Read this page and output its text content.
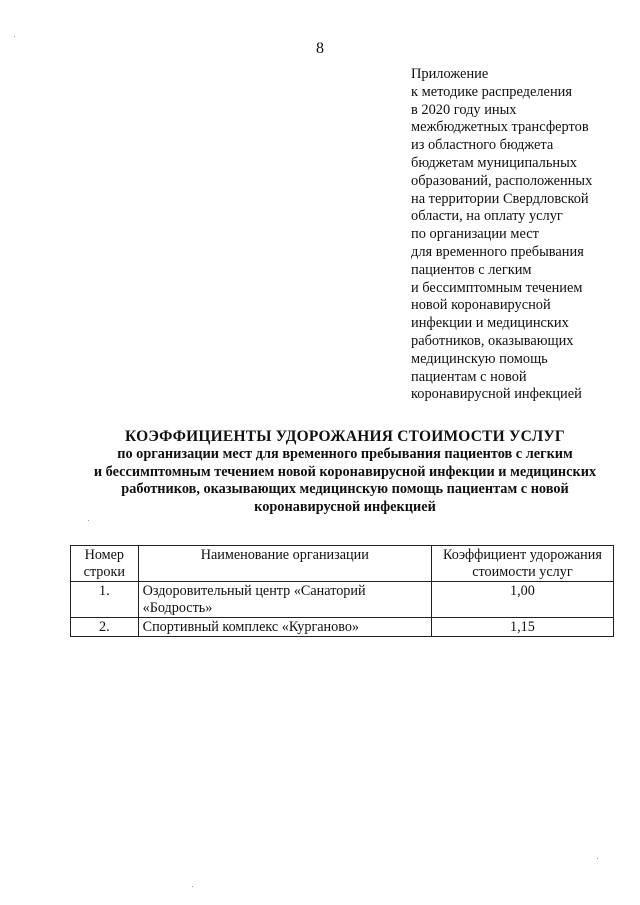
8
Приложение
к методике распределения
в 2020 году иных
межбюджетных трансфертов
из областного бюджета
бюджетам муниципальных
образований, расположенных
на территории Свердловской
области, на оплату услуг
по организации мест
для временного пребывания
пациентов с легким
и бессимптомным течением
новой коронавирусной
инфекции и медицинских
работников, оказывающих
медицинскую помощь
пациентам с новой
коронавирусной инфекцией
КОЭФФИЦИЕНТЫ УДОРОЖАНИЯ СТОИМОСТИ УСЛУГ
по организации мест для временного пребывания пациентов с легким
и бессимптомным течением новой коронавирусной инфекции и медицинских
работников, оказывающих медицинскую помощь пациентам с новой
коронавирусной инфекцией
Номер строки	Наименование организации	Коэффициент удорожания стоимости услуг
1.	Оздоровительный центр «Санаторий «Бодрость»	1,00
2.	Спортивный комплекс «Курганово»	1,15
